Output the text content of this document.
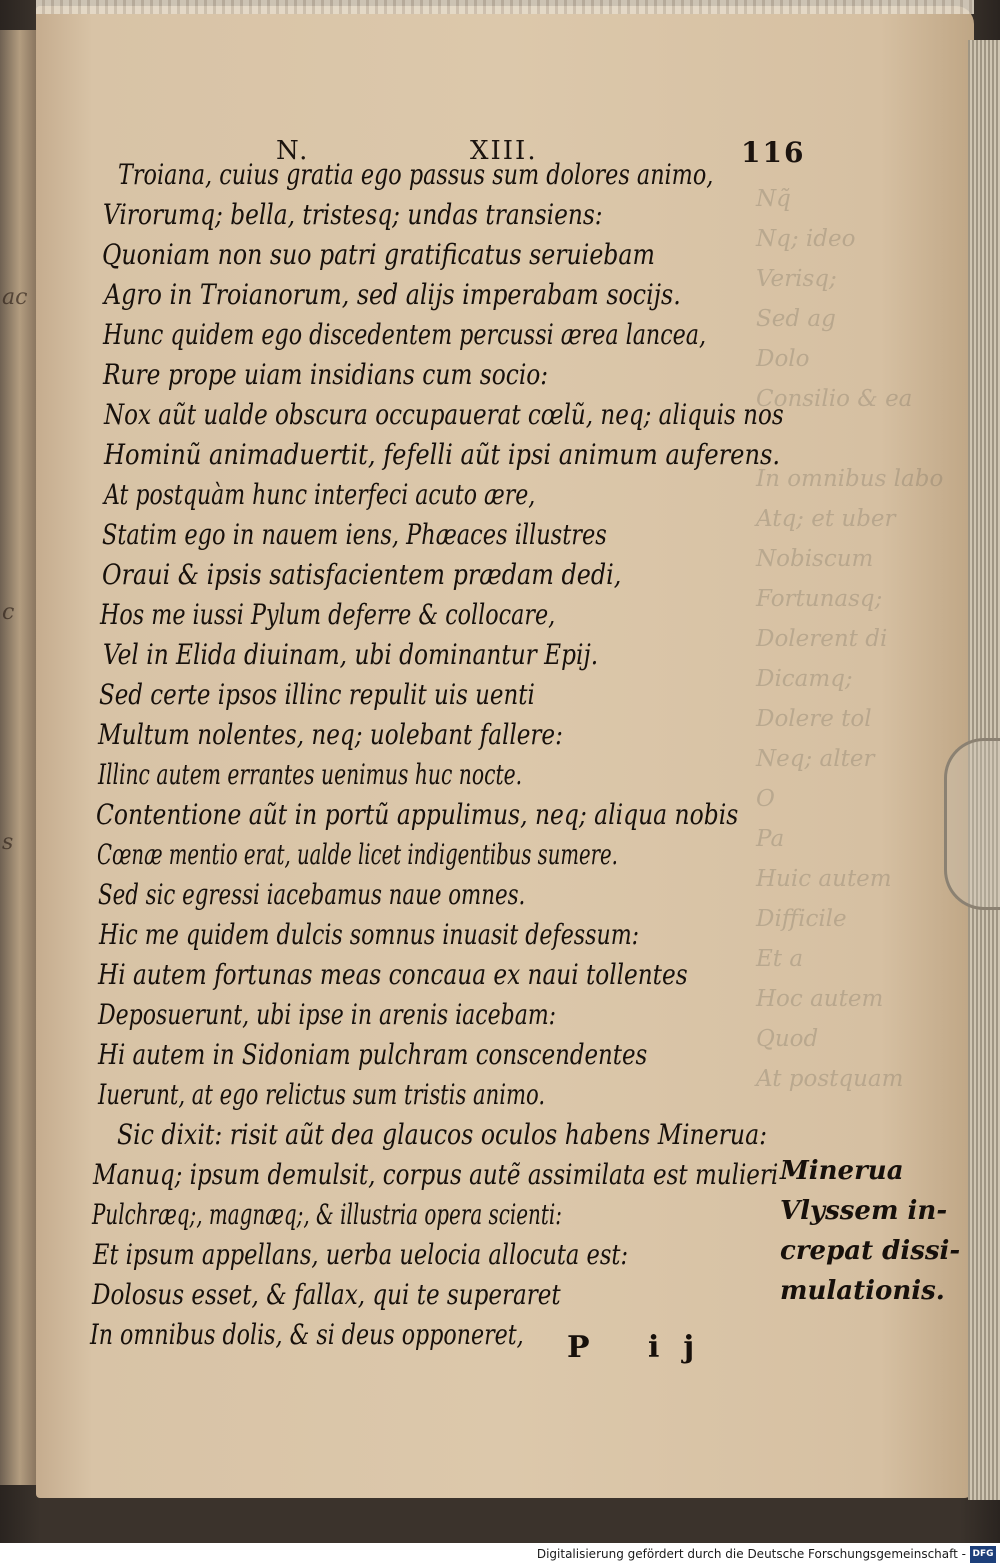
ac
c
s
Nq̃
Nq; ideo
Verisq;
Sed ag
Dolo
Consilio & ea
In omnibus labo
Atq; et uber
Nobiscum
Fortunasq;
Dolerent di
Dicamq;
Dolere tol
Neq; alter
O
Pa
Huic autem
Difficile
Et a
Hoc autem
Quod
At postquam
N.	XIII.	116
Troiana, cuius gratia ego passus sum dolores animo,
Virorumq; bella, tristesq; undas transiens:
Quoniam non suo patri gratificatus seruiebam
Agro in Troianorum, sed alijs imperabam socijs.
Hunc quidem ego discedentem percussi ærea lancea,
Rure prope uiam insidians cum socio:
Nox aũt ualde obscura occupauerat cœlũ, neq; aliquis nos
Hominũ animaduertit, fefelli aũt ipsi animum auferens.
At postquàm hunc interfeci acuto ære,
Statim ego in nauem iens, Phæaces illustres
Oraui & ipsis satisfacientem prædam dedi,
Hos me iussi Pylum deferre & collocare,
Vel in Elida diuinam, ubi dominantur Epij.
Sed certe ipsos illinc repulit uis uenti
Multum nolentes, neq; uolebant fallere:
Illinc autem errantes uenimus huc nocte.
Contentione aũt in portũ appulimus, neq; aliqua nobis
Cœnæ mentio erat, ualde licet indigentibus sumere.
Sed sic egressi iacebamus naue omnes.
Hic me quidem dulcis somnus inuasit defessum:
Hi autem fortunas meas concaua ex naui tollentes
Deposuerunt, ubi ipse in arenis iacebam:
Hi autem in Sidoniam pulchram conscendentes
Iuerunt, at ego relictus sum tristis animo.
Sic dixit: risit aũt dea glaucos oculos habens Minerua:
Manuq; ipsum demulsit, corpus autẽ assimilata est mulieri
Pulchræq;, magnæq;, & illustria opera scienti:
Et ipsum appellans, uerba uelocia allocuta est:
Dolosus esset, & fallax, qui te superaret
In omnibus dolis, & si deus opponeret,
Minerua
Vlyssem in-
crepat dissi-
mulationis.
P ij
Digitalisierung gefördert durch die Deutsche Forschungsgemeinschaft - DFG
